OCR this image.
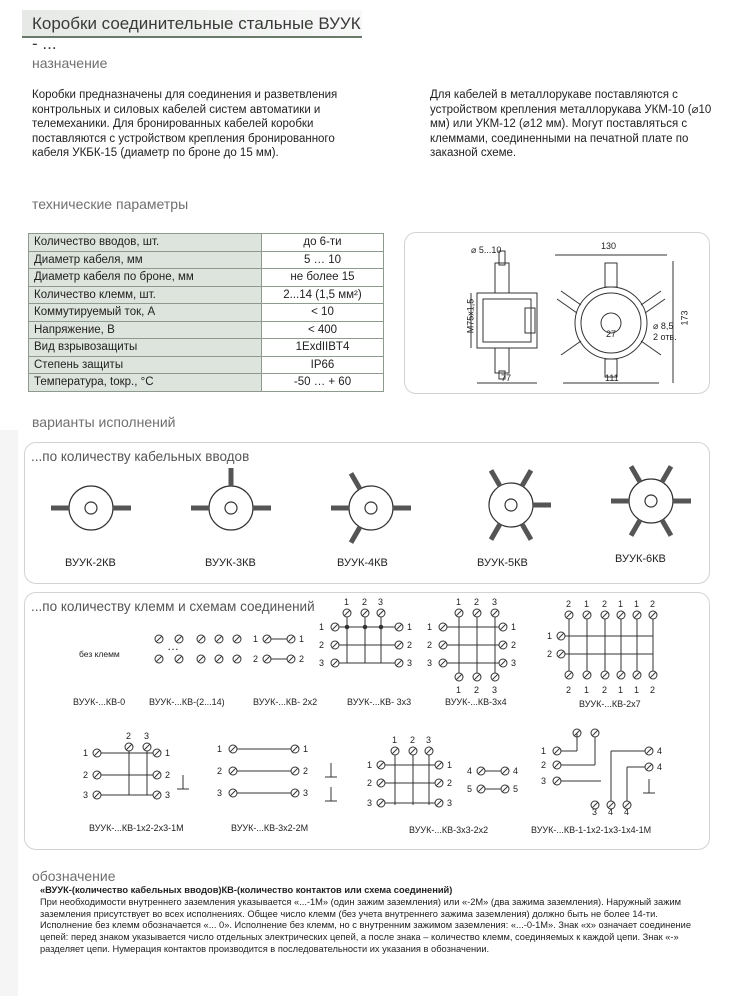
Коробки соединительные стальные ВУУК - ...
назначение
Коробки предназначены для соединения и разветвления контрольных и силовых кабелей систем автоматики и телемеханики. Для бронированных кабелей коробки поставляются с устройством крепления бронированного кабеля УКБК-15 (диаметр по броне до 15 мм).
Для кабелей в металлорукаве поставляются с устройством крепления металлорукава УКМ-10 (⌀10 мм) или УКМ-12 (⌀12 мм). Могут поставляться с клеммами, соединенными на печатной плате по заказной схеме.
технические параметры
Количество вводов, шт.	до 6-ти
Диаметр кабеля, мм	5 … 10
Диаметр кабеля по броне, мм	не более 15
Количество клемм, шт.	2...14 (1,5 мм²)
Коммутируемый ток, А	< 10
Напряжение, В	< 400
Вид взрывозащиты	1ExdIIBT4
Степень защиты	IP66
Температура, tокр., °С	-50 … + 60
⌀ 5...10	130
М75х1,5	173
27
⌀ 8,5
2 отв.
77	111
варианты исполнений
...по количеству кабельных вводов
ВУУК-2КВ	ВУУК-3КВ	ВУУК-4КВ	ВУУК-5КВ	ВУУК-6КВ
...по количеству клемм и схемам соединений
без клемм
…	1	1
2	2
1	1
2	2
3	3
1 2 3
1	1
2	2
3	3
1
1
2
2
3
3
2
2
1
1
2
2
1
1
1
1
2
2
1
2
1	1
2	2
3	3
2 3
1	1
2	2
3	3
1 2 3
1	1
2	2
3	3
4	4
5	5
1
2
3
3 4 4
4
4
ВУУК-...КВ-0	ВУУК-...КВ-(2...14)	ВУУК-...КВ- 2х2	ВУУК-...КВ- 3х3	ВУУК-...КВ-3х4	ВУУК-...КВ-2х7
ВУУК-...КВ-1х2-2х3-1М	ВУУК-...КВ-3х2-2М	ВУУК-...КВ-3х3-2х2	ВУУК-...КВ-1-1х2-1х3-1х4-1М
обозначение
«ВУУК-(количество кабельных вводов)КВ-(количество контактов или схема соединений)
При необходимости внутреннего заземления указывается «...-1М» (один зажим заземления) или «-2М» (два зажима заземления). Наружный зажим заземления присутствует во всех исполнениях. Общее число клемм (без учета внутреннего зажима заземления) должно быть не более 14-ти. Исполнение без клемм обозначается «... 0». Исполнение без клемм, но с внутренним зажимом заземления: «...-0-1М». Знак «х» означает соединение цепей: перед знаком указывается число отдельных электрических цепей, а после знака – количество клемм, соединяемых к каждой цепи. Знак «-» разделяет цепи. Нумерация контактов производится в последовательности их указания в обозначении.
